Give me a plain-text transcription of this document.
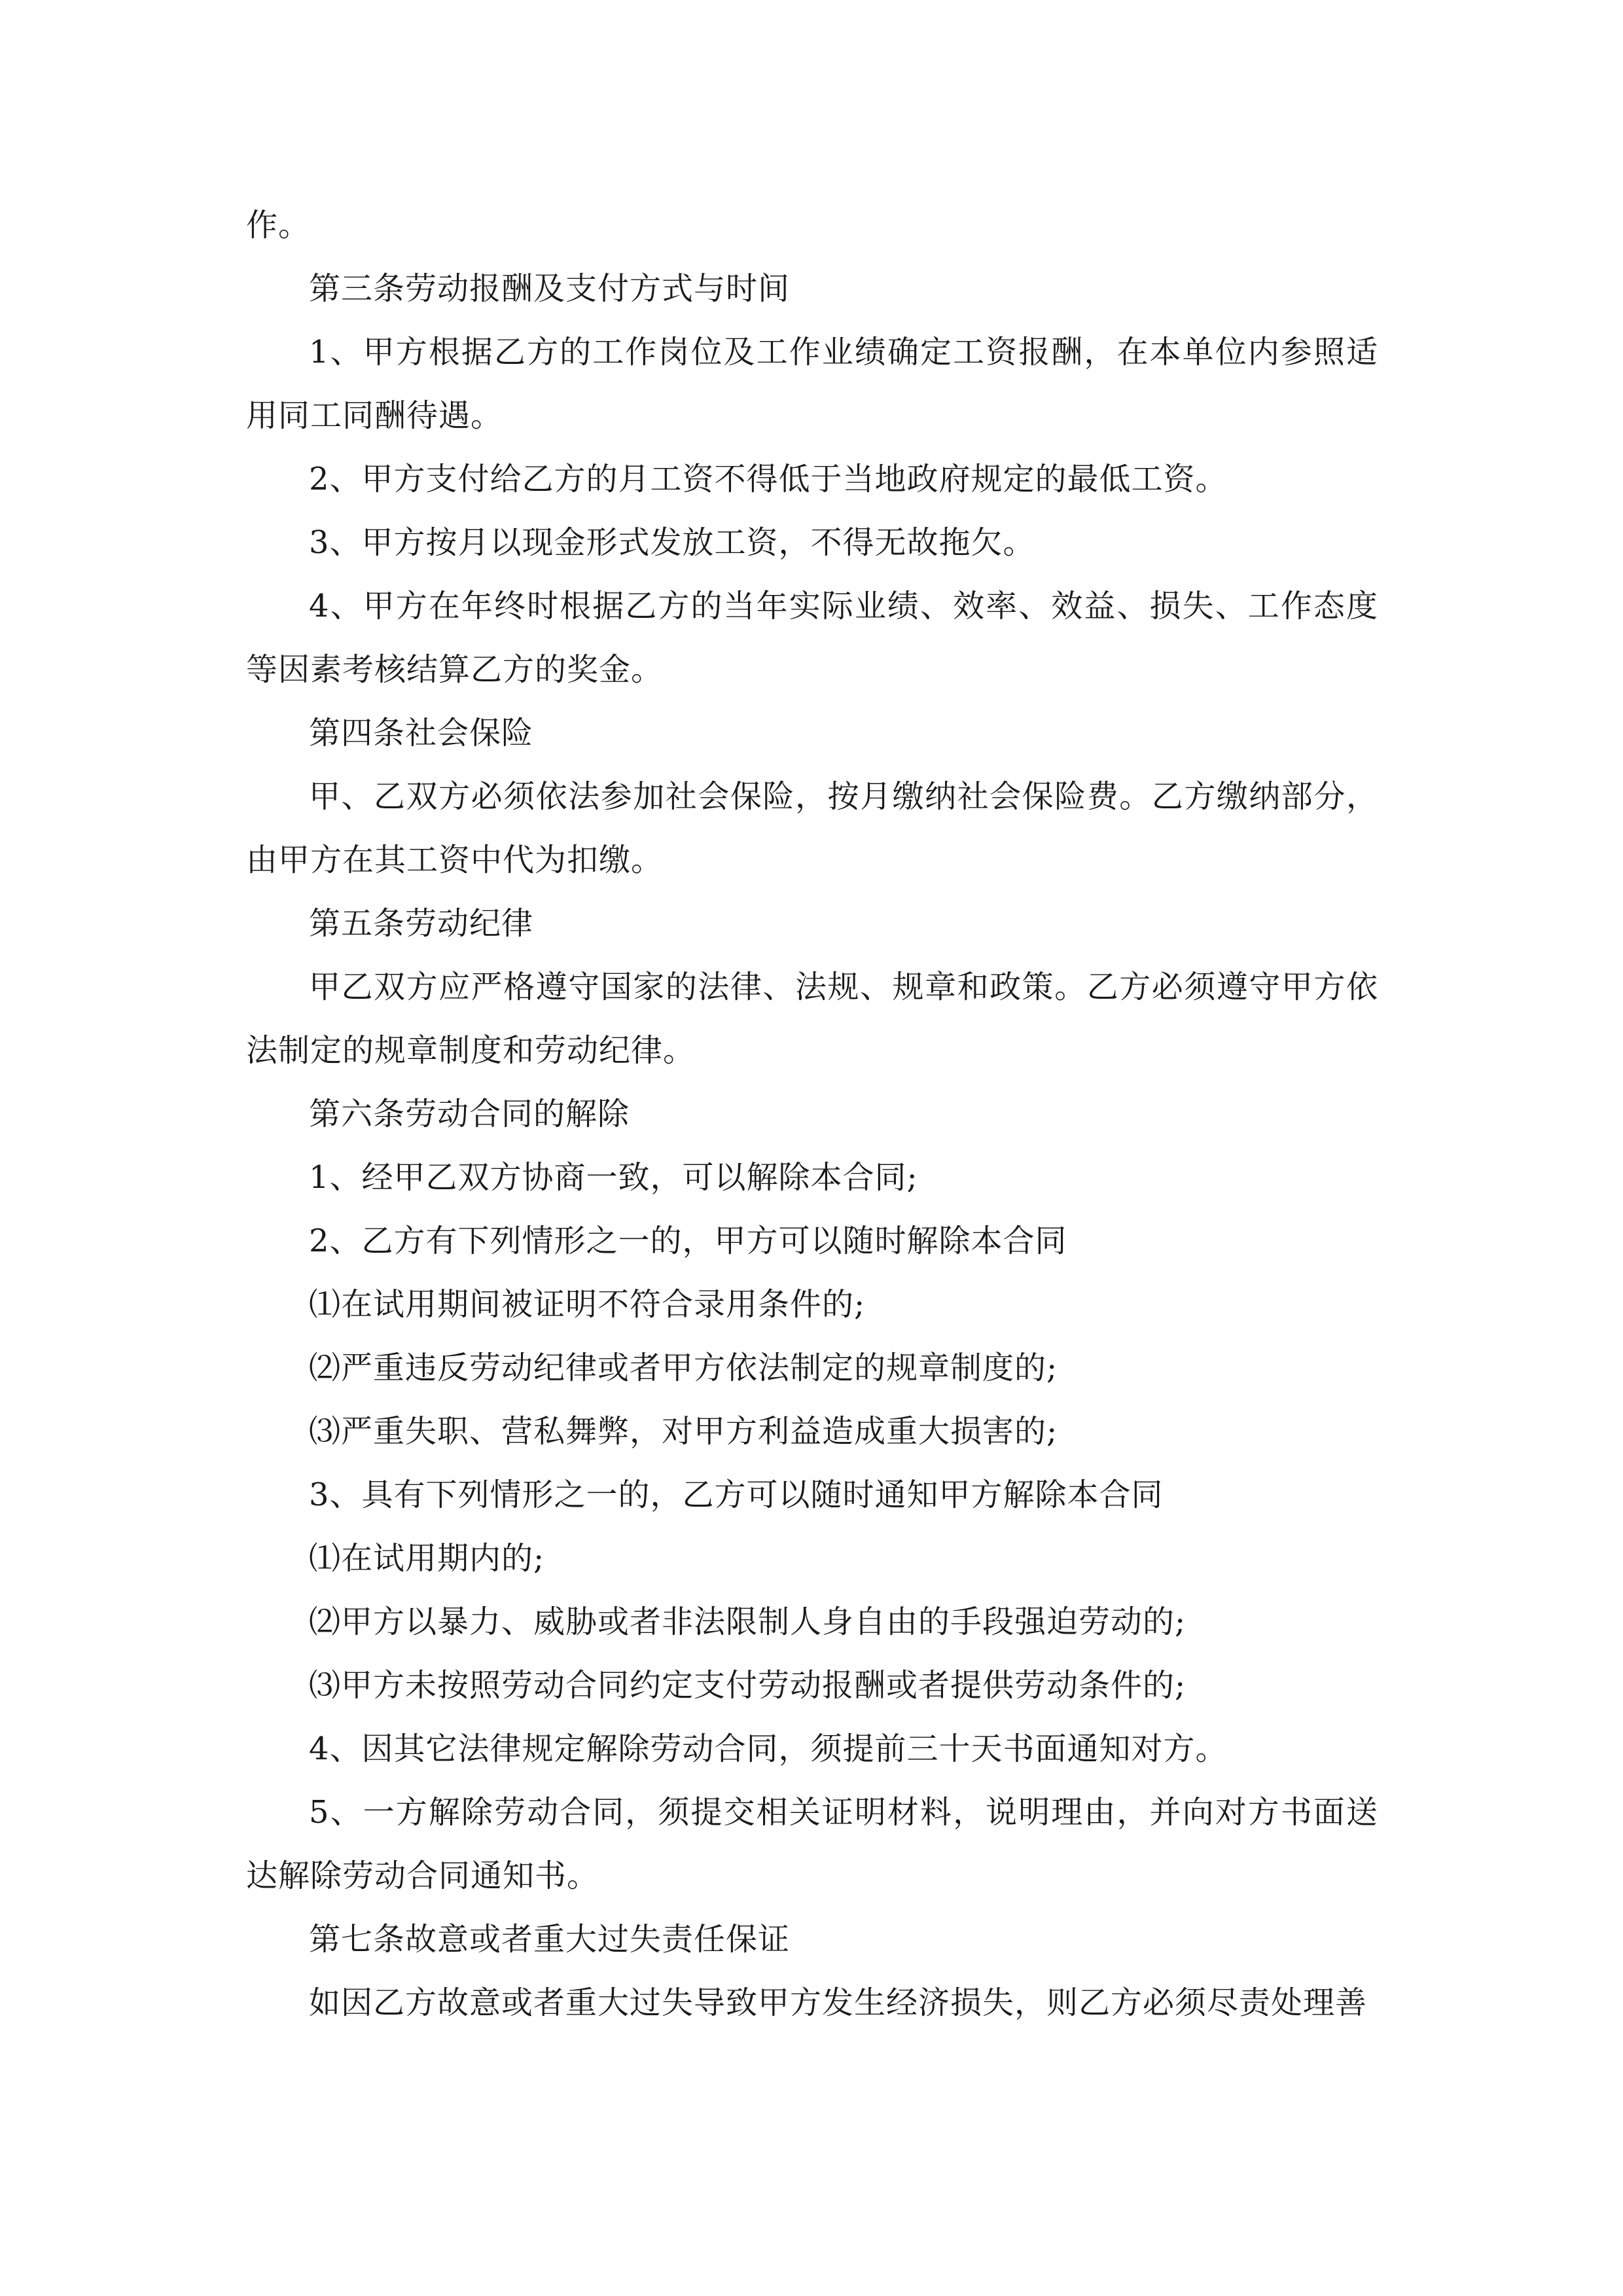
作。

第三条劳动报酬及支付方式与时间

1、甲方根据乙方的工作岗位及工作业绩确定工资报酬，在本单位内参照适用同工同酬待遇。

2、甲方支付给乙方的月工资不得低于当地政府规定的最低工资。

3、甲方按月以现金形式发放工资，不得无故拖欠。

4、甲方在年终时根据乙方的当年实际业绩、效率、效益、损失、工作态度等因素考核结算乙方的奖金。

第四条社会保险

甲、乙双方必须依法参加社会保险，按月缴纳社会保险费。乙方缴纳部分，由甲方在其工资中代为扣缴。

第五条劳动纪律

甲乙双方应严格遵守国家的法律、法规、规章和政策。乙方必须遵守甲方依法制定的规章制度和劳动纪律。

第六条劳动合同的解除

1、经甲乙双方协商一致，可以解除本合同;

2、乙方有下列情形之一的，甲方可以随时解除本合同

⑴在试用期间被证明不符合录用条件的;

⑵严重违反劳动纪律或者甲方依法制定的规章制度的;

⑶严重失职、营私舞弊，对甲方利益造成重大损害的;

3、具有下列情形之一的，乙方可以随时通知甲方解除本合同

⑴在试用期内的;

⑵甲方以暴力、威胁或者非法限制人身自由的手段强迫劳动的;

⑶甲方未按照劳动合同约定支付劳动报酬或者提供劳动条件的;

4、因其它法律规定解除劳动合同，须提前三十天书面通知对方。

5、一方解除劳动合同，须提交相关证明材料，说明理由，并向对方书面送达解除劳动合同通知书。

第七条故意或者重大过失责任保证

如因乙方故意或者重大过失导致甲方发生经济损失，则乙方必须尽责处理善
